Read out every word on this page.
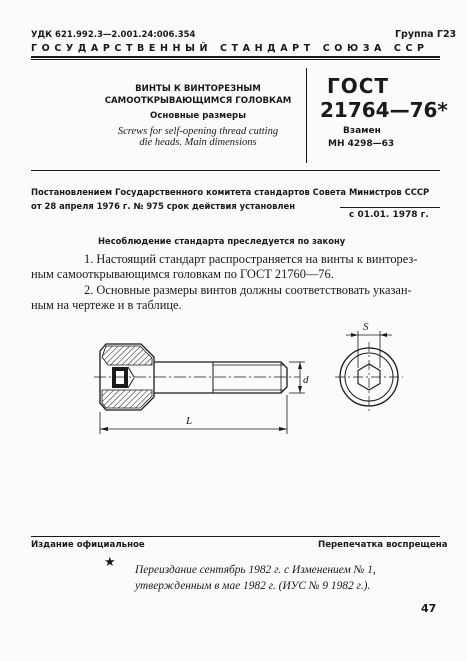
УДК 621.992.3—2.001.24:006.354	Группа Г23
ГОСУДАРСТВЕННЫЙ СТАНДАРТ СОЮЗА ССР
ВИНТЫ К ВИНТОРЕЗНЫМ
САМООТКРЫВАЮЩИМСЯ ГОЛОВКАМ
Основные размеры
Screws for self-opening thread cutting
die heads. Main dimensions
ГОСТ
21764—76*
Взамен
МН 4298—63
Постановлением Государственного комитета стандартов Совета Министров СССР
от 28 апреля 1976 г. № 975 срок действия установлен
с 01.01. 1978 г.
Несоблюдение стандарта преследуется по закону
1. Настоящий стандарт распространяется на винты к винторез-
ным самооткрывающимся головкам по ГОСТ 21760—76.
2. Основные размеры винтов должны соответствовать указан-
ным на чертеже и в таблице.
L
d
S
Издание официальное	Перепечатка воспрещена
★
Переиздание сентябрь 1982 г. с Изменением № 1,
утвержденным в мае 1982 г. (ИУС № 9 1982 г.).
47
